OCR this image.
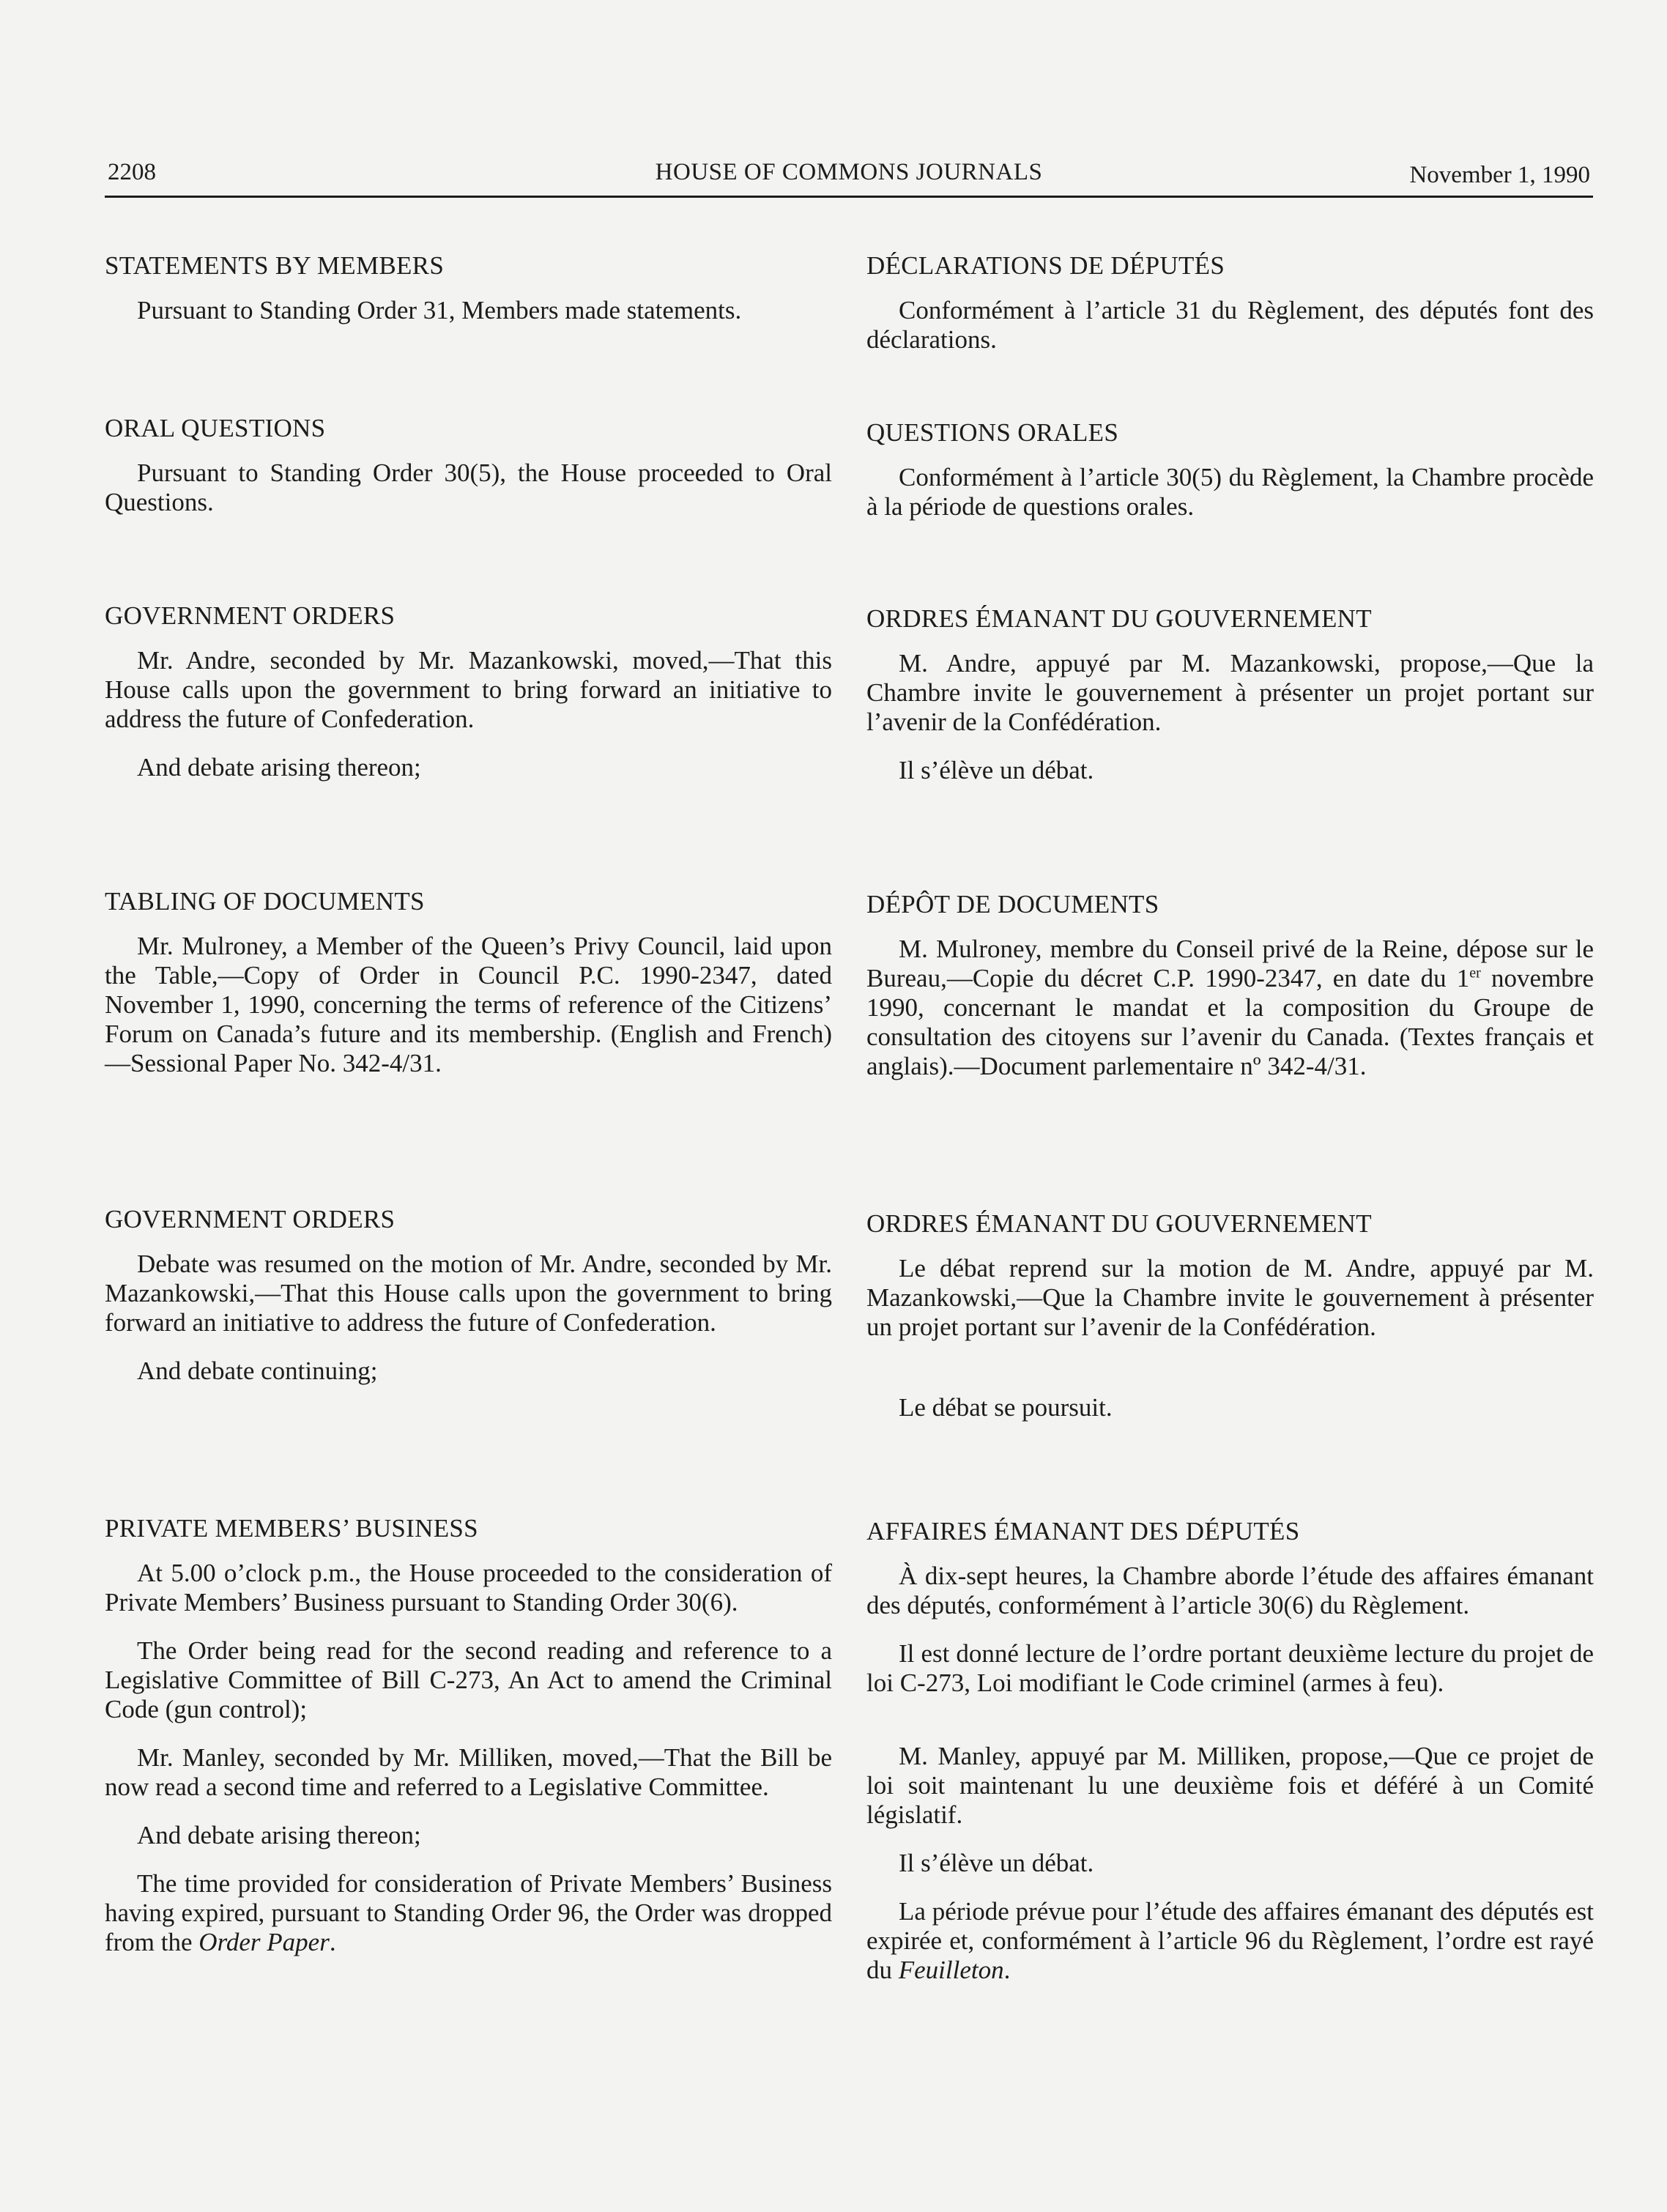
2208	HOUSE OF COMMONS JOURNALS	November 1, 1990
STATEMENTS BY MEMBERS

Pursuant to Standing Order 31, Members made statements.

DÉCLARATIONS DE DÉPUTÉS

Conformément à l’article 31 du Règlement, des députés font des déclarations.

ORAL QUESTIONS

Pursuant to Standing Order 30(5), the House proceeded to Oral Questions.

QUESTIONS ORALES

Conformément à l’article 30(5) du Règlement, la Chambre procède à la période de questions orales.

GOVERNMENT ORDERS

Mr. Andre, seconded by Mr. Mazankowski, moved,—That this House calls upon the government to bring forward an initiative to address the future of Confederation.

And debate arising thereon;

ORDRES ÉMANANT DU GOUVERNEMENT

M. Andre, appuyé par M. Mazankowski, propose,—Que la Chambre invite le gouvernement à présenter un projet portant sur l’avenir de la Confédération.

Il s’élève un débat.

TABLING OF DOCUMENTS

Mr. Mulroney, a Member of the Queen’s Privy Council, laid upon the Table,—Copy of Order in Council P.C. 1990-2347, dated November 1, 1990, concerning the terms of reference of the Citizens’ Forum on Canada’s future and its membership. (English and French)—Sessional Paper No. 342-4/31.

DÉPÔT DE DOCUMENTS

M. Mulroney, membre du Conseil privé de la Reine, dépose sur le Bureau,—Copie du décret C.P. 1990-2347, en date du 1er novembre 1990, concernant le mandat et la composition du Groupe de consultation des citoyens sur l’avenir du Canada. (Textes français et anglais).—Document parlementaire nº 342-4/31.

GOVERNMENT ORDERS

Debate was resumed on the motion of Mr. Andre, seconded by Mr. Mazankowski,—That this House calls upon the government to bring forward an initiative to address the future of Confederation.

And debate continuing;

ORDRES ÉMANANT DU GOUVERNEMENT

Le débat reprend sur la motion de M. Andre, appuyé par M. Mazankowski,—Que la Chambre invite le gouvernement à présenter un projet portant sur l’avenir de la Confédération.

Le débat se poursuit.

PRIVATE MEMBERS’ BUSINESS

At 5.00 o’clock p.m., the House proceeded to the consideration of Private Members’ Business pursuant to Standing Order 30(6).

The Order being read for the second reading and reference to a Legislative Committee of Bill C-273, An Act to amend the Criminal Code (gun control);

Mr. Manley, seconded by Mr. Milliken, moved,—That the Bill be now read a second time and referred to a Legislative Committee.

And debate arising thereon;

The time provided for consideration of Private Members’ Business having expired, pursuant to Standing Order 96, the Order was dropped from the Order Paper.

AFFAIRES ÉMANANT DES DÉPUTÉS

À dix-sept heures, la Chambre aborde l’étude des affaires émanant des députés, conformément à l’article 30(6) du Règlement.

Il est donné lecture de l’ordre portant deuxième lecture du projet de loi C-273, Loi modifiant le Code criminel (armes à feu).

M. Manley, appuyé par M. Milliken, propose,—Que ce projet de loi soit maintenant lu une deuxième fois et déféré à un Comité législatif.

Il s’élève un débat.

La période prévue pour l’étude des affaires émanant des députés est expirée et, conformément à l’article 96 du Règlement, l’ordre est rayé du Feuilleton.
